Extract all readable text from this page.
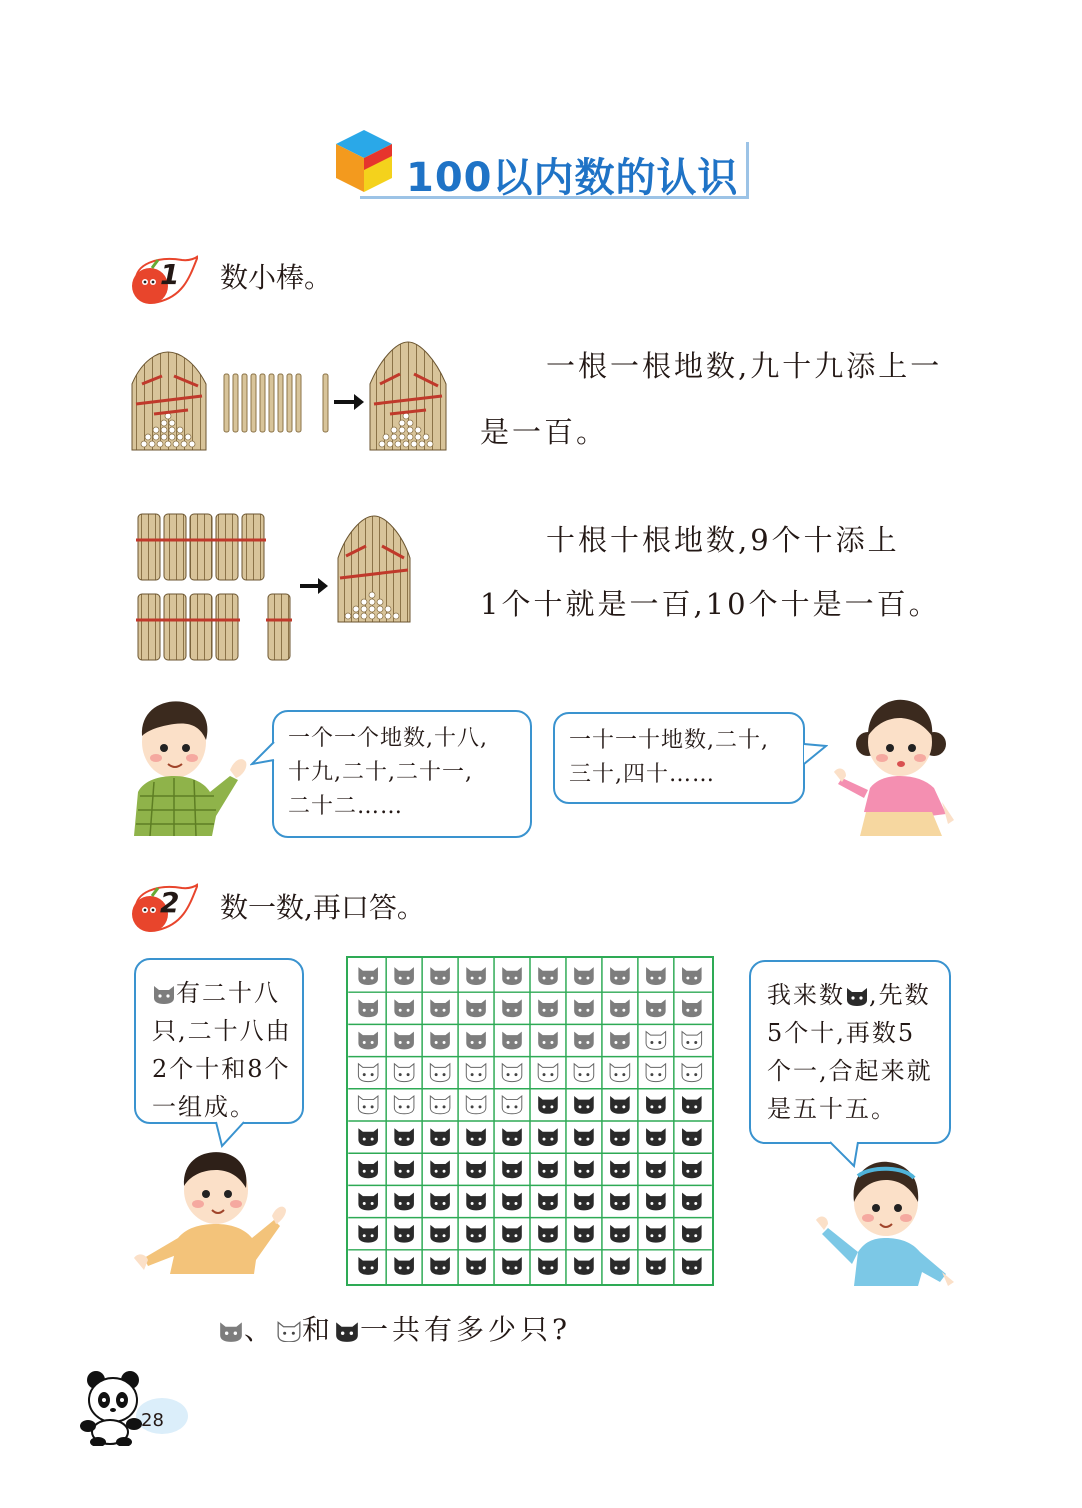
100以内数的认识
1 数小棒。
一根一根地数,九十九添上一
是一百。
十根十根地数,9个十添上
1个十就是一百,10个十是一百。
一个一个地数,十八,
十九,二十,二十一,
二十二……
一十一十地数,二十,
三十,四十……
2 数一数,再口答。
有二十八
只,二十八由
2个十和8个
一组成。
我来数 ,先数
5个十,再数5
个一,合起来就
是五十五。
、 和 一共有多少只?
28
